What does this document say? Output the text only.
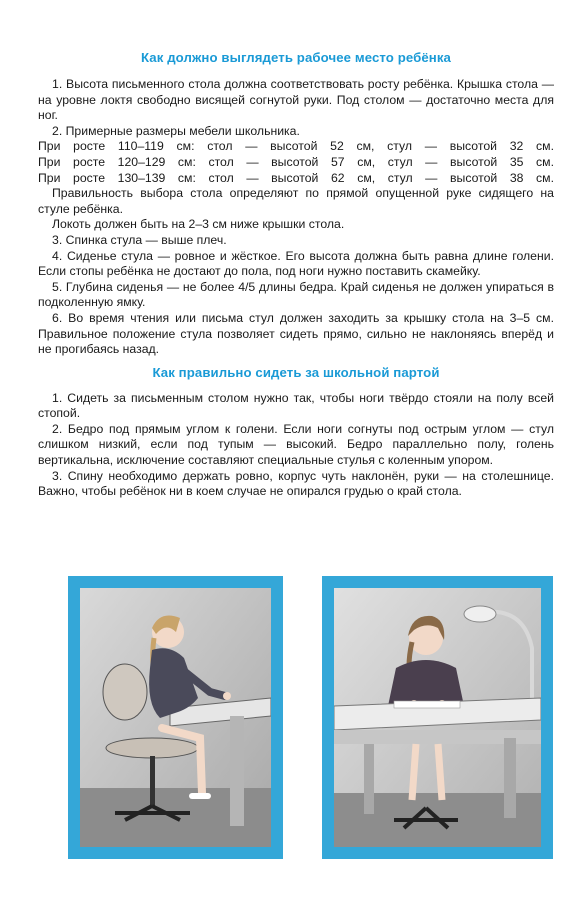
Как должно выглядеть рабочее место ребёнка

1. Высота письменного стола должна соответствовать росту ребёнка. Крышка стола — на уровне локтя свободно висящей согнутой руки. Под столом — достаточно места для ног.

2. Примерные размеры мебели школьника.

При росте 110–119 см: стол — высотой 52 см, стул — высотой 32 см.

При росте 120–129 см: стол — высотой 57 см, стул — высотой 35 см.

При росте 130–139 см: стол — высотой 62 см, стул — высотой 38 см.

Правильность выбора стола определяют по прямой опущенной руке сидящего на стуле ребёнка.

Локоть должен быть на 2–3 см ниже крышки стола.

3. Спинка стула — выше плеч.

4. Сиденье стула — ровное и жёсткое. Его высота должна быть равна длине голени. Если стопы ребёнка не достают до пола, под ноги нужно поставить скамейку.

5. Глубина сиденья — не более 4/5 длины бедра. Край сиденья не должен упираться в подколенную ямку.

6. Во время чтения или письма стул должен заходить за крышку стола на 3–5 см. Правильное положение стула позволяет сидеть прямо, сильно не наклоняясь вперёд и не прогибаясь назад.

Как правильно сидеть за школьной партой

1. Сидеть за письменным столом нужно так, чтобы ноги твёрдо стояли на полу всей стопой.

2. Бедро под прямым углом к голени. Если ноги согнуты под острым углом — стул слишком низкий, если под тупым — высокий. Бедро параллельно полу, голень вертикальна, исключение составляют специальные стулья с коленным упором.

3. Спину необходимо держать ровно, корпус чуть наклонён, руки — на столешнице. Важно, чтобы ребёнок ни в коем случае не опирался грудью о край стола.
